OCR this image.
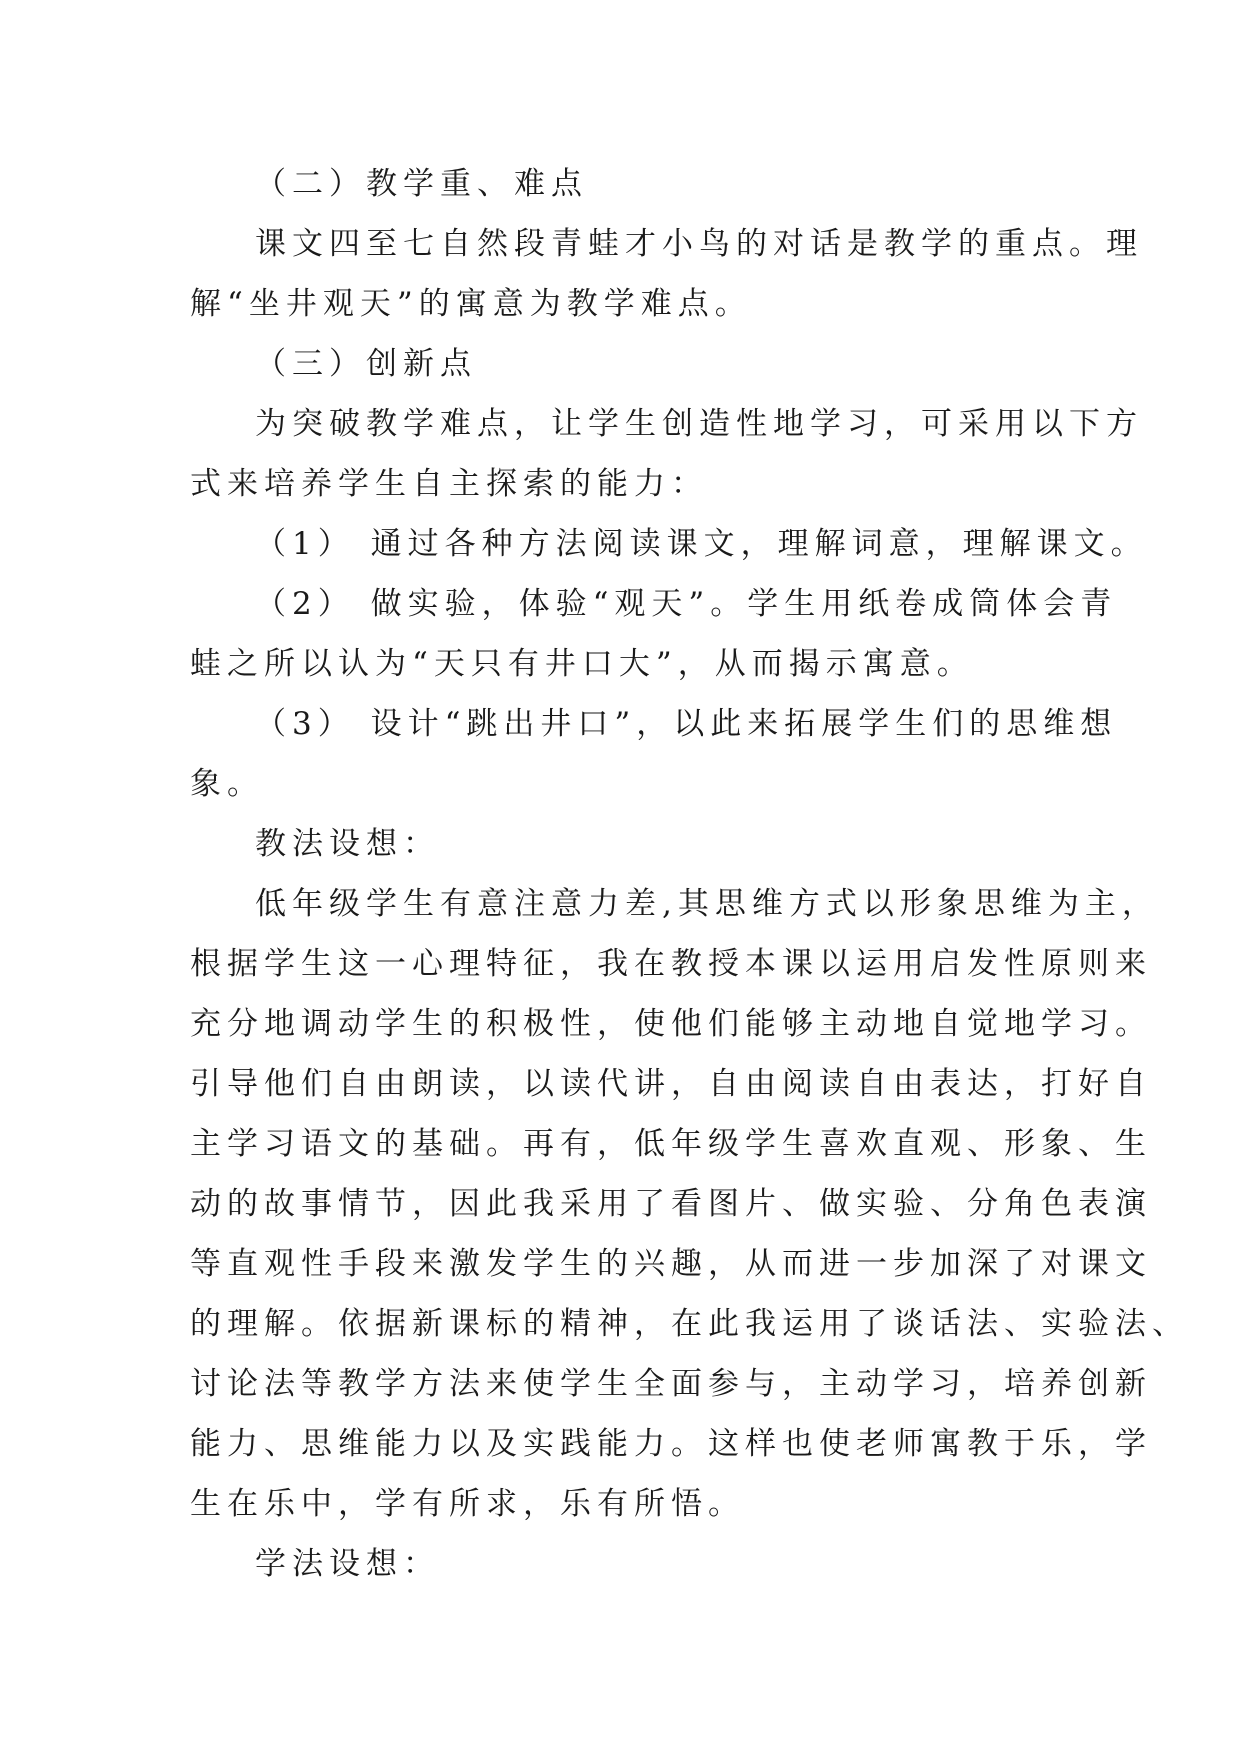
（二）教学重、难点
课文四至七自然段青蛙才小鸟的对话是教学的重点。理
解“坐井观天”的寓意为教学难点。
（三）创新点
为突破教学难点，让学生创造性地学习，可采用以下方
式来培养学生自主探索的能力：
（1） 通过各种方法阅读课文，理解词意，理解课文。
（2） 做实验，体验“观天”。学生用纸卷成筒体会青
蛙之所以认为“天只有井口大”，从而揭示寓意。
（3） 设计“跳出井口”，以此来拓展学生们的思维想
象。
教法设想：
低年级学生有意注意力差,其思维方式以形象思维为主，
根据学生这一心理特征，我在教授本课以运用启发性原则来
充分地调动学生的积极性，使他们能够主动地自觉地学习。
引导他们自由朗读，以读代讲，自由阅读自由表达，打好自
主学习语文的基础。再有，低年级学生喜欢直观、形象、生
动的故事情节，因此我采用了看图片、做实验、分角色表演
等直观性手段来激发学生的兴趣，从而进一步加深了对课文
的理解。依据新课标的精神，在此我运用了谈话法、实验法、
讨论法等教学方法来使学生全面参与，主动学习，培养创新
能力、思维能力以及实践能力。这样也使老师寓教于乐，学
生在乐中，学有所求，乐有所悟。
学法设想：
